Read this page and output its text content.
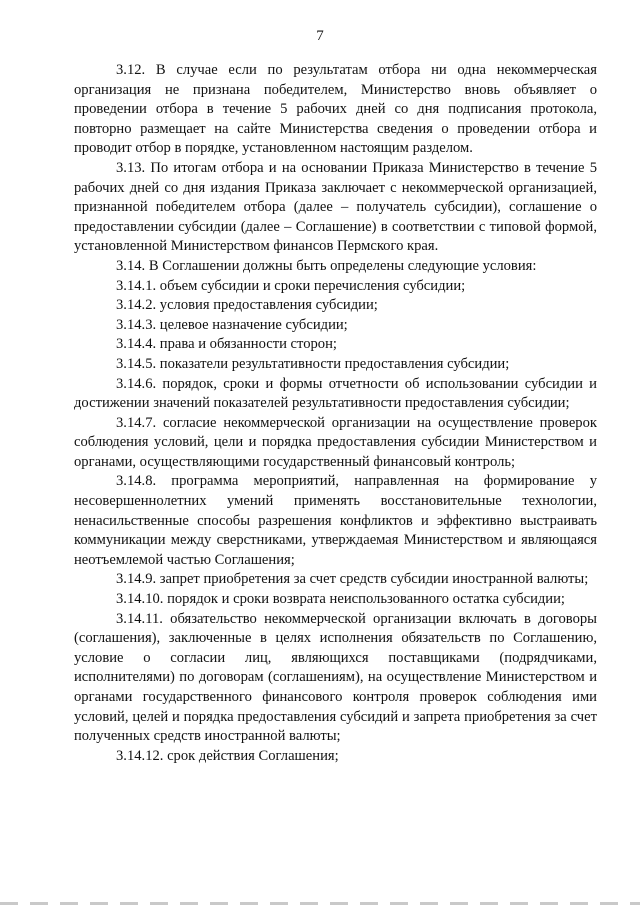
7

3.12. В случае если по результатам отбора ни одна некоммерческая организация не признана победителем, Министерство вновь объявляет о проведении отбора в течение 5 рабочих дней со дня подписания протокола, повторно размещает на сайте Министерства сведения о проведении отбора и проводит отбор в порядке, установленном настоящим разделом.

3.13. По итогам отбора и на основании Приказа Министерство в течение 5 рабочих дней со дня издания Приказа заключает с некоммерческой организацией, признанной победителем отбора (далее – получатель субсидии), соглашение о предоставлении субсидии (далее – Соглашение) в соответствии с типовой формой, установленной Министерством финансов Пермского края.

3.14. В Соглашении должны быть определены следующие условия:

3.14.1. объем субсидии и сроки перечисления субсидии;

3.14.2. условия предоставления субсидии;

3.14.3. целевое назначение субсидии;

3.14.4. права и обязанности сторон;

3.14.5. показатели результативности предоставления субсидии;

3.14.6. порядок, сроки и формы отчетности об использовании субсидии и достижении значений показателей результативности предоставления субсидии;

3.14.7. согласие некоммерческой организации на осуществление проверок соблюдения условий, цели и порядка предоставления субсидии Министерством и органами, осуществляющими государственный финансовый контроль;

3.14.8. программа мероприятий, направленная на формирование у несовершеннолетних умений применять восстановительные технологии, ненасильственные способы разрешения конфликтов и эффективно выстраивать коммуникации между сверстниками, утверждаемая Министерством и являющаяся неотъемлемой частью Соглашения;

3.14.9. запрет приобретения за счет средств субсидии иностранной валюты;

3.14.10. порядок и сроки возврата неиспользованного остатка субсидии;

3.14.11. обязательство некоммерческой организации включать в договоры (соглашения), заключенные в целях исполнения обязательств по Соглашению, условие о согласии лиц, являющихся поставщиками (подрядчиками, исполнителями) по договорам (соглашениям), на осуществление Министерством и органами государственного финансового контроля проверок соблюдения ими условий, целей и порядка предоставления субсидий и запрета приобретения за счет полученных средств иностранной валюты;

3.14.12. срок действия Соглашения;
